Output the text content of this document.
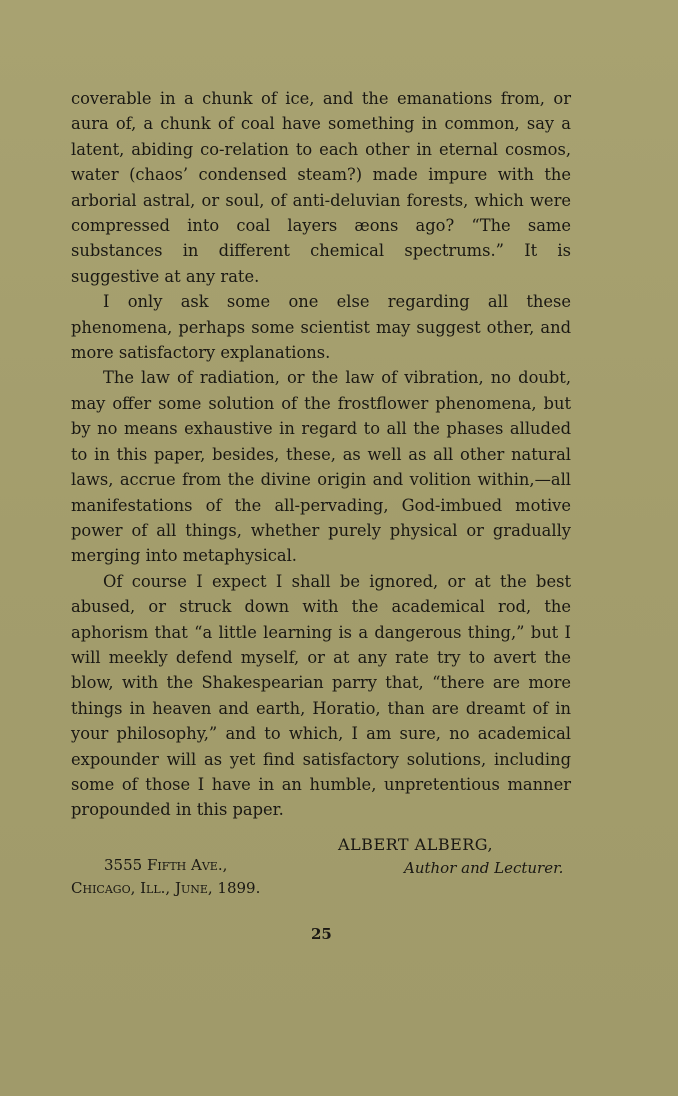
coverable in a chunk of ice, and the emanations from, or aura of, a chunk of coal have something in common, say a latent, abiding co-relation to each other in eternal cosmos, water (chaos’ condensed steam?) made impure with the arborial astral, or soul, of anti-deluvian forests, which were compressed into coal layers æons ago? “The same substances in different chemical spectrums.” It is suggestive at any rate.

I only ask some one else regarding all these phenomena, perhaps some scientist may suggest other, and more satisfactory explanations.

The law of radiation, or the law of vibration, no doubt, may offer some solution of the frostflower phenomena, but by no means exhaustive in regard to all the phases alluded to in this paper, besides, these, as well as all other natural laws, accrue from the divine origin and volition within,—all manifestations of the all-pervading, God-imbued motive power of all things, whether purely physical or gradually merging into metaphysical.

Of course I expect I shall be ignored, or at the best abused, or struck down with the academical rod, the aphorism that “a little learning is a dangerous thing,” but I will meekly defend myself, or at any rate try to avert the blow, with the Shakespearian parry that, “there are more things in heaven and earth, Horatio, than are dreamt of in your philosophy,” and to which, I am sure, no academical expounder will as yet find satisfactory solutions, including some of those I have in an humble, unpretentious manner propounded in this paper.

ALBERT ALBERG,
Author and Lecturer.
3555 Fifth Ave.,
Chicago, Ill., June, 1899.
25
